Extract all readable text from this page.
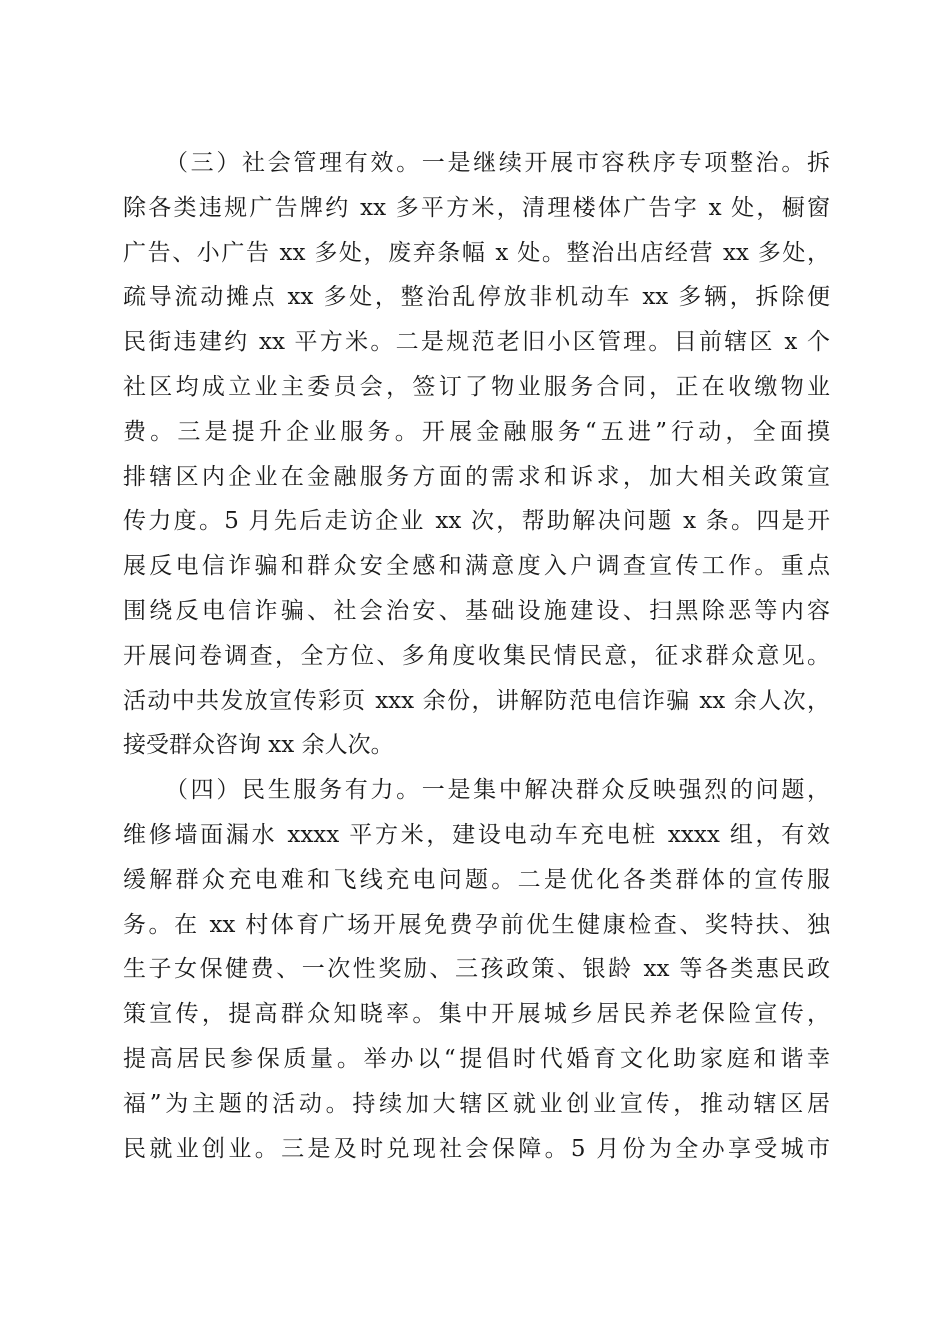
（三）社会管理有效。一是继续开展市容秩序专项整治。拆
除各类违规广告牌约 xx 多平方米，清理楼体广告字 x 处，橱窗
广告、小广告 xx 多处，废弃条幅 x 处。整治出店经营 xx 多处，
疏导流动摊点 xx 多处，整治乱停放非机动车 xx 多辆，拆除便
民街违建约 xx 平方米。二是规范老旧小区管理。目前辖区 x 个
社区均成立业主委员会，签订了物业服务合同，正在收缴物业
费。三是提升企业服务。开展金融服务“五进”行动，全面摸
排辖区内企业在金融服务方面的需求和诉求，加大相关政策宣
传力度。5 月先后走访企业 xx 次，帮助解决问题 x 条。四是开
展反电信诈骗和群众安全感和满意度入户调查宣传工作。重点
围绕反电信诈骗、社会治安、基础设施建设、扫黑除恶等内容
开展问卷调查，全方位、多角度收集民情民意，征求群众意见。
活动中共发放宣传彩页 xxx 余份，讲解防范电信诈骗 xx 余人次，
接受群众咨询 xx 余人次。
（四）民生服务有力。一是集中解决群众反映强烈的问题，
维修墙面漏水 xxxx 平方米，建设电动车充电桩 xxxx 组，有效
缓解群众充电难和飞线充电问题。二是优化各类群体的宣传服
务。在 xx 村体育广场开展免费孕前优生健康检查、奖特扶、独
生子女保健费、一次性奖励、三孩政策、银龄 xx 等各类惠民政
策宣传，提高群众知晓率。集中开展城乡居民养老保险宣传，
提高居民参保质量。举办以“提倡时代婚育文化助家庭和谐幸
福”为主题的活动。持续加大辖区就业创业宣传，推动辖区居
民就业创业。三是及时兑现社会保障。5 月份为全办享受城市
